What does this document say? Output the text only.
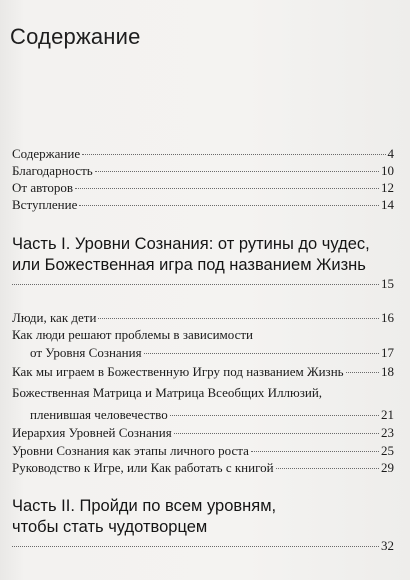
Содержание
Содержание	4
Благодарность	10
От авторов	12
Вступление	14
Часть I. Уровни Сознания: от рутины до чудес,
или Божественная игра под названием Жизнь
15
Люди, как дети	16
Как люди решают проблемы в зависимости
от Уровня Сознания	17
Как мы играем в Божественную Игру под названием Жизнь	18
Божественная Матрица и Матрица Всеобщих Иллюзий,
пленившая человечество	21
Иерархия Уровней Сознания	23
Уровни Сознания как этапы личного роста	25
Руководство к Игре, или Как работать с книгой	29
Часть II. Пройди по всем уровням,
чтобы стать чудотворцем
32
